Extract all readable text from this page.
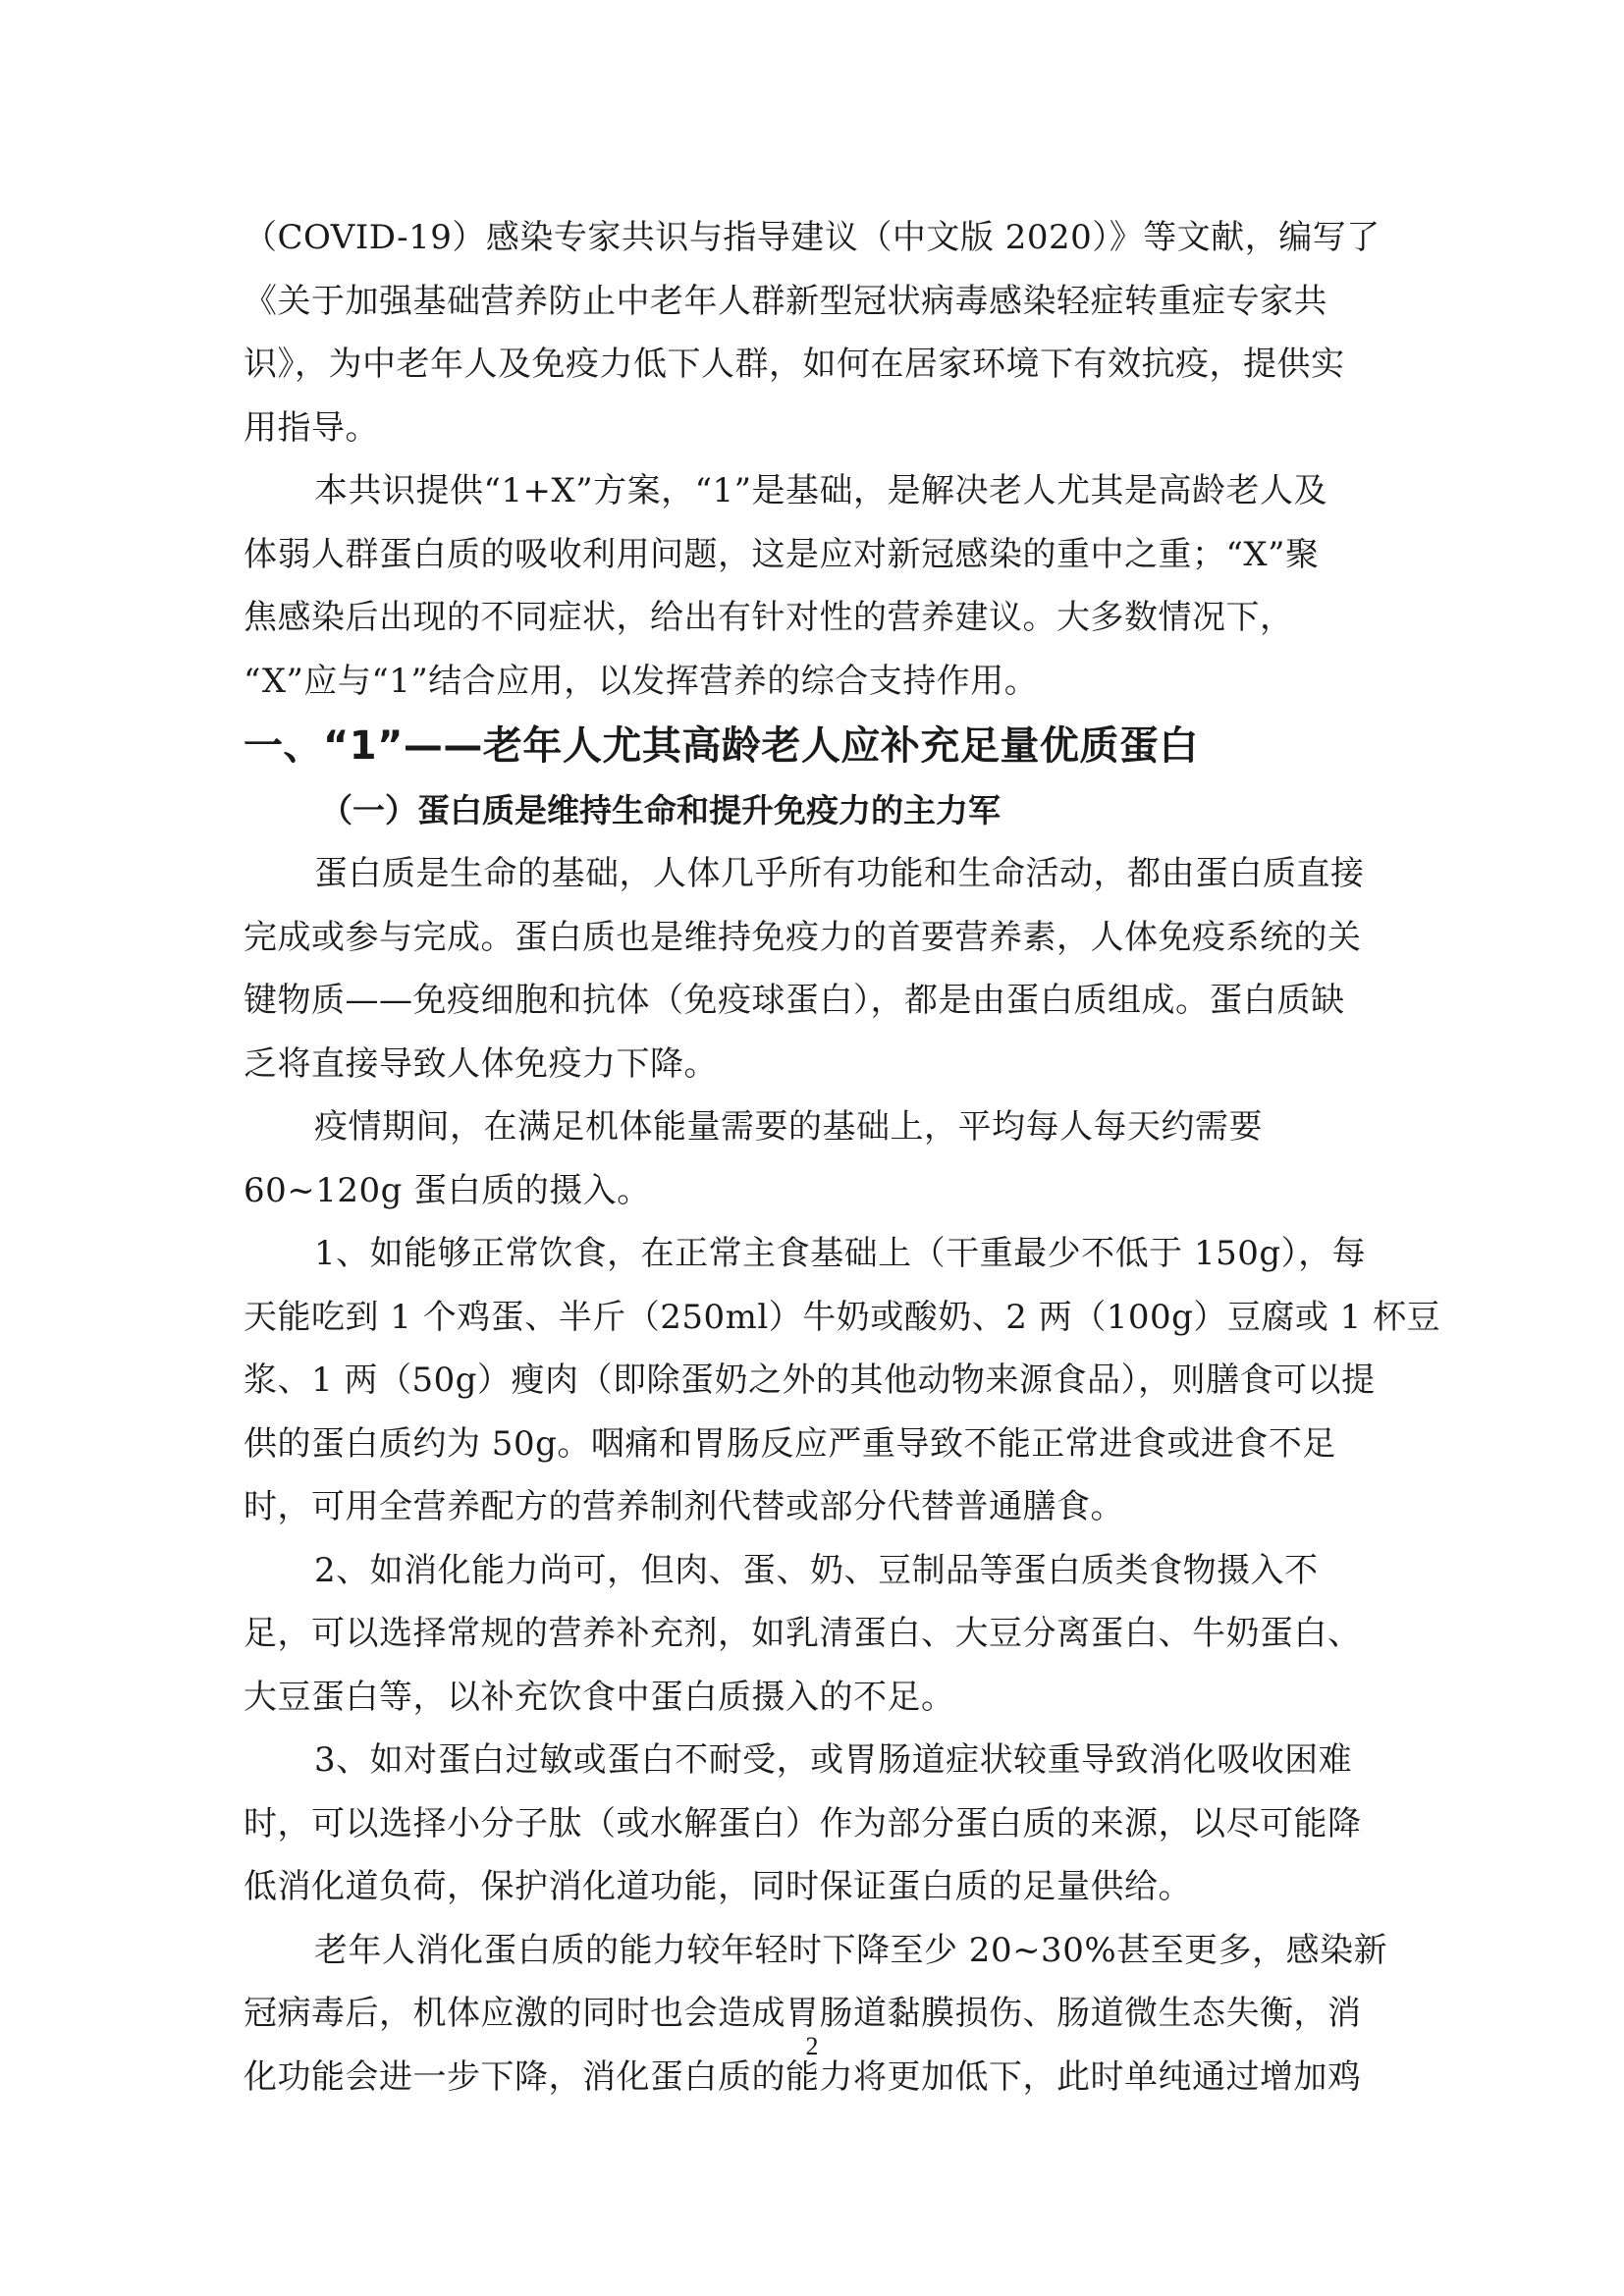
（COVID-19）感染专家共识与指导建议（中文版 2020）》等文献，编写了
《关于加强基础营养防止中老年人群新型冠状病毒感染轻症转重症专家共
识》，为中老年人及免疫力低下人群，如何在居家环境下有效抗疫，提供实
用指导。
本共识提供“1+X”方案，“1”是基础，是解决老人尤其是高龄老人及
体弱人群蛋白质的吸收利用问题，这是应对新冠感染的重中之重；“X”聚
焦感染后出现的不同症状，给出有针对性的营养建议。大多数情况下，
“X”应与“1”结合应用，以发挥营养的综合支持作用。
一、“1”——老年人尤其高龄老人应补充足量优质蛋白
（一）蛋白质是维持生命和提升免疫力的主力军
蛋白质是生命的基础，人体几乎所有功能和生命活动，都由蛋白质直接
完成或参与完成。蛋白质也是维持免疫力的首要营养素，人体免疫系统的关
键物质——免疫细胞和抗体（免疫球蛋白），都是由蛋白质组成。蛋白质缺
乏将直接导致人体免疫力下降。
疫情期间，在满足机体能量需要的基础上，平均每人每天约需要
60~120g 蛋白质的摄入。
1、如能够正常饮食，在正常主食基础上（干重最少不低于 150g），每
天能吃到 1 个鸡蛋、半斤（250ml）牛奶或酸奶、2 两（100g）豆腐或 1 杯豆
浆、1 两（50g）瘦肉（即除蛋奶之外的其他动物来源食品），则膳食可以提
供的蛋白质约为 50g。咽痛和胃肠反应严重导致不能正常进食或进食不足
时，可用全营养配方的营养制剂代替或部分代替普通膳食。
2、如消化能力尚可，但肉、蛋、奶、豆制品等蛋白质类食物摄入不
足，可以选择常规的营养补充剂，如乳清蛋白、大豆分离蛋白、牛奶蛋白、
大豆蛋白等，以补充饮食中蛋白质摄入的不足。
3、如对蛋白过敏或蛋白不耐受，或胃肠道症状较重导致消化吸收困难
时，可以选择小分子肽（或水解蛋白）作为部分蛋白质的来源，以尽可能降
低消化道负荷，保护消化道功能，同时保证蛋白质的足量供给。
老年人消化蛋白质的能力较年轻时下降至少 20~30%甚至更多，感染新
冠病毒后，机体应激的同时也会造成胃肠道黏膜损伤、肠道微生态失衡，消
化功能会进一步下降，消化蛋白质的能力将更加低下，此时单纯通过增加鸡
2
